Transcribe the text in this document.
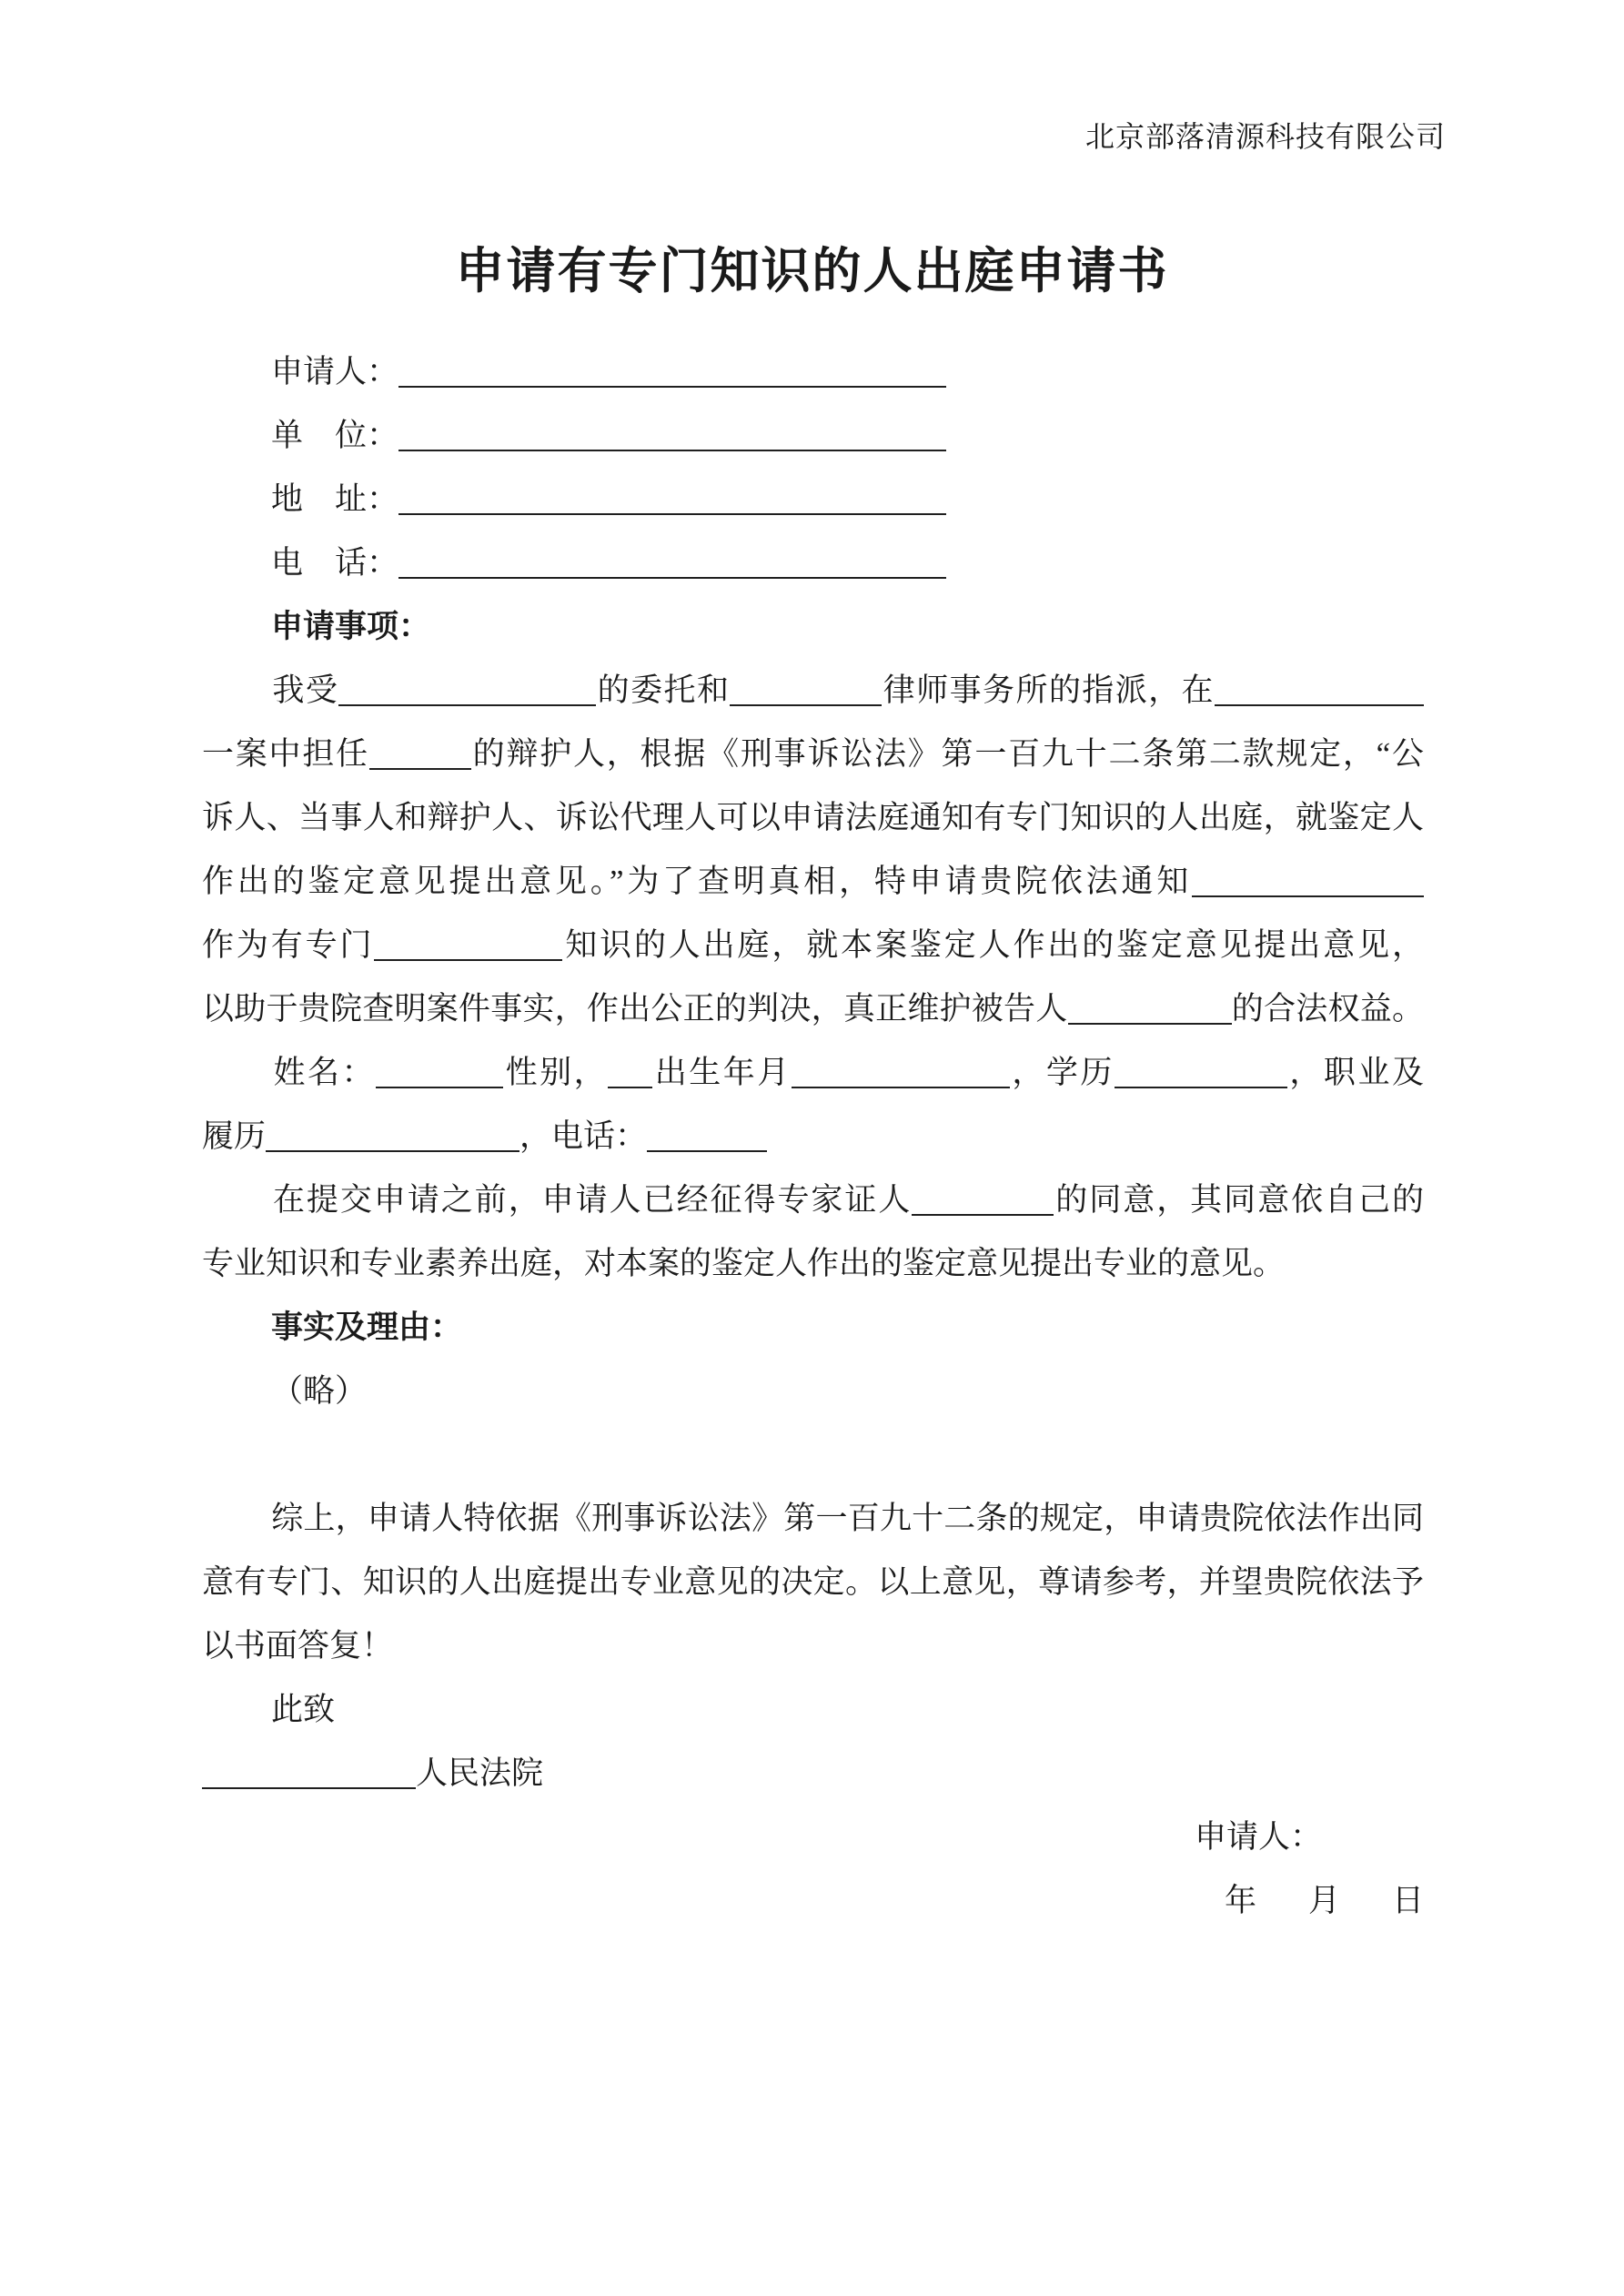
北京部落清源科技有限公司
申请有专门知识的人出庭申请书
申请人：
单　位：
地　址：
电　话：
申请事项：
我受	的委托和	律师事务所的指派，在
一案中担任	的辩护人，根据《刑事诉讼法》第一百九十二条第二款规定，“公
诉人、当事人和辩护人、诉讼代理人可以申请法庭通知有专门知识的人出庭，就鉴定人
作出的鉴定意见提出意见。”为了查明真相，特申请贵院依法通知
作为有专门	知识的人出庭，就本案鉴定人作出的鉴定意见提出意见，
以助于贵院查明案件事实，作出公正的判决，真正维护被告人	的合法权益。
姓名：	性别， 出生年月	，学历	，职业及
履历	，电话：
在提交申请之前，申请人已经征得专家证人	的同意，其同意依自己的
专业知识和专业素养出庭，对本案的鉴定人作出的鉴定意见提出专业的意见。
事实及理由：
（略）
综上，申请人特依据《刑事诉讼法》第一百九十二条的规定，申请贵院依法作出同
意有专门、知识的人出庭提出专业意见的决定。以上意见，尊请参考，并望贵院依法予
以书面答复！
此致
人民法院
申请人：
年 月 日
